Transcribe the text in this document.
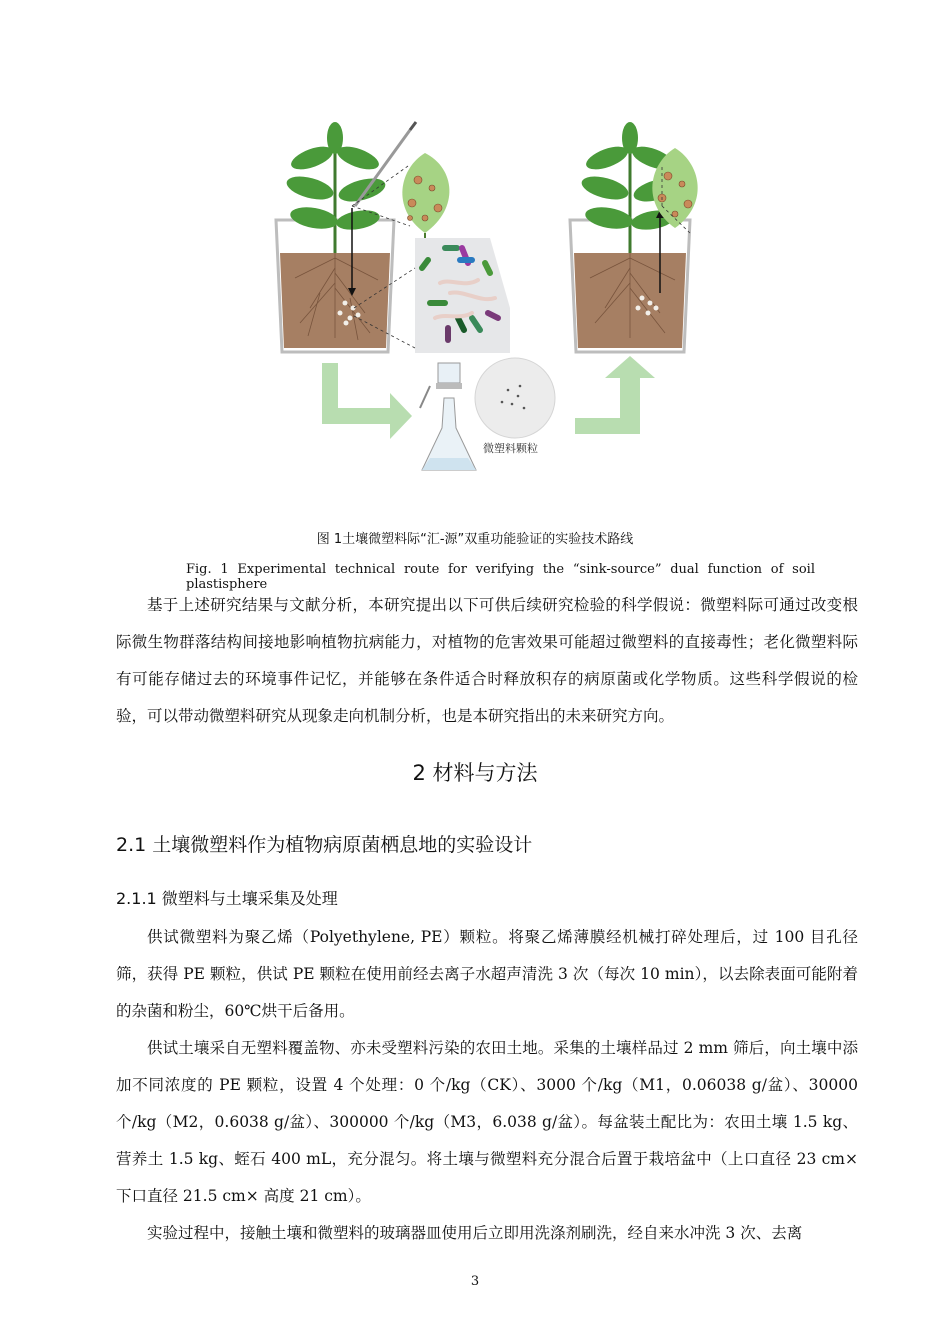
微塑料颗粒
图 1土壤微塑料际“汇-源”双重功能验证的实验技术路线
Fig. 1 Experimental technical route for verifying the “sink-source” dual function of soil plastisphere

基于上述研究结果与文献分析，本研究提出以下可供后续研究检验的科学假说：微塑料际可通过改变根际微生物群落结构间接地影响植物抗病能力，对植物的危害效果可能超过微塑料的直接毒性；老化微塑料际有可能存储过去的环境事件记忆，并能够在条件适合时释放积存的病原菌或化学物质。这些科学假说的检验，可以带动微塑料研究从现象走向机制分析，也是本研究指出的未来研究方向。

2 材料与方法
2.1 土壤微塑料作为植物病原菌栖息地的实验设计
2.1.1 微塑料与土壤采集及处理

供试微塑料为聚乙烯（Polyethylene, PE）颗粒。将聚乙烯薄膜经机械打碎处理后，过 100 目孔径筛，获得 PE 颗粒，供试 PE 颗粒在使用前经去离子水超声清洗 3 次（每次 10 min），以去除表面可能附着的杂菌和粉尘，60℃烘干后备用。

供试土壤采自无塑料覆盖物、亦未受塑料污染的农田土地。采集的土壤样品过 2 mm 筛后，向土壤中添加不同浓度的 PE 颗粒，设置 4 个处理：0 个/kg（CK）、3000 个/kg（M1，0.06038 g/盆）、30000 个/kg（M2，0.6038 g/盆）、300000 个/kg（M3，6.038 g/盆）。每盆装土配比为：农田土壤 1.5 kg、营养土 1.5 kg、蛭石 400 mL，充分混匀。将土壤与微塑料充分混合后置于栽培盆中（上口直径 23 cm× 下口直径 21.5 cm× 高度 21 cm）。

实验过程中，接触土壤和微塑料的玻璃器皿使用后立即用洗涤剂刷洗，经自来水冲洗 3 次、去离

3
